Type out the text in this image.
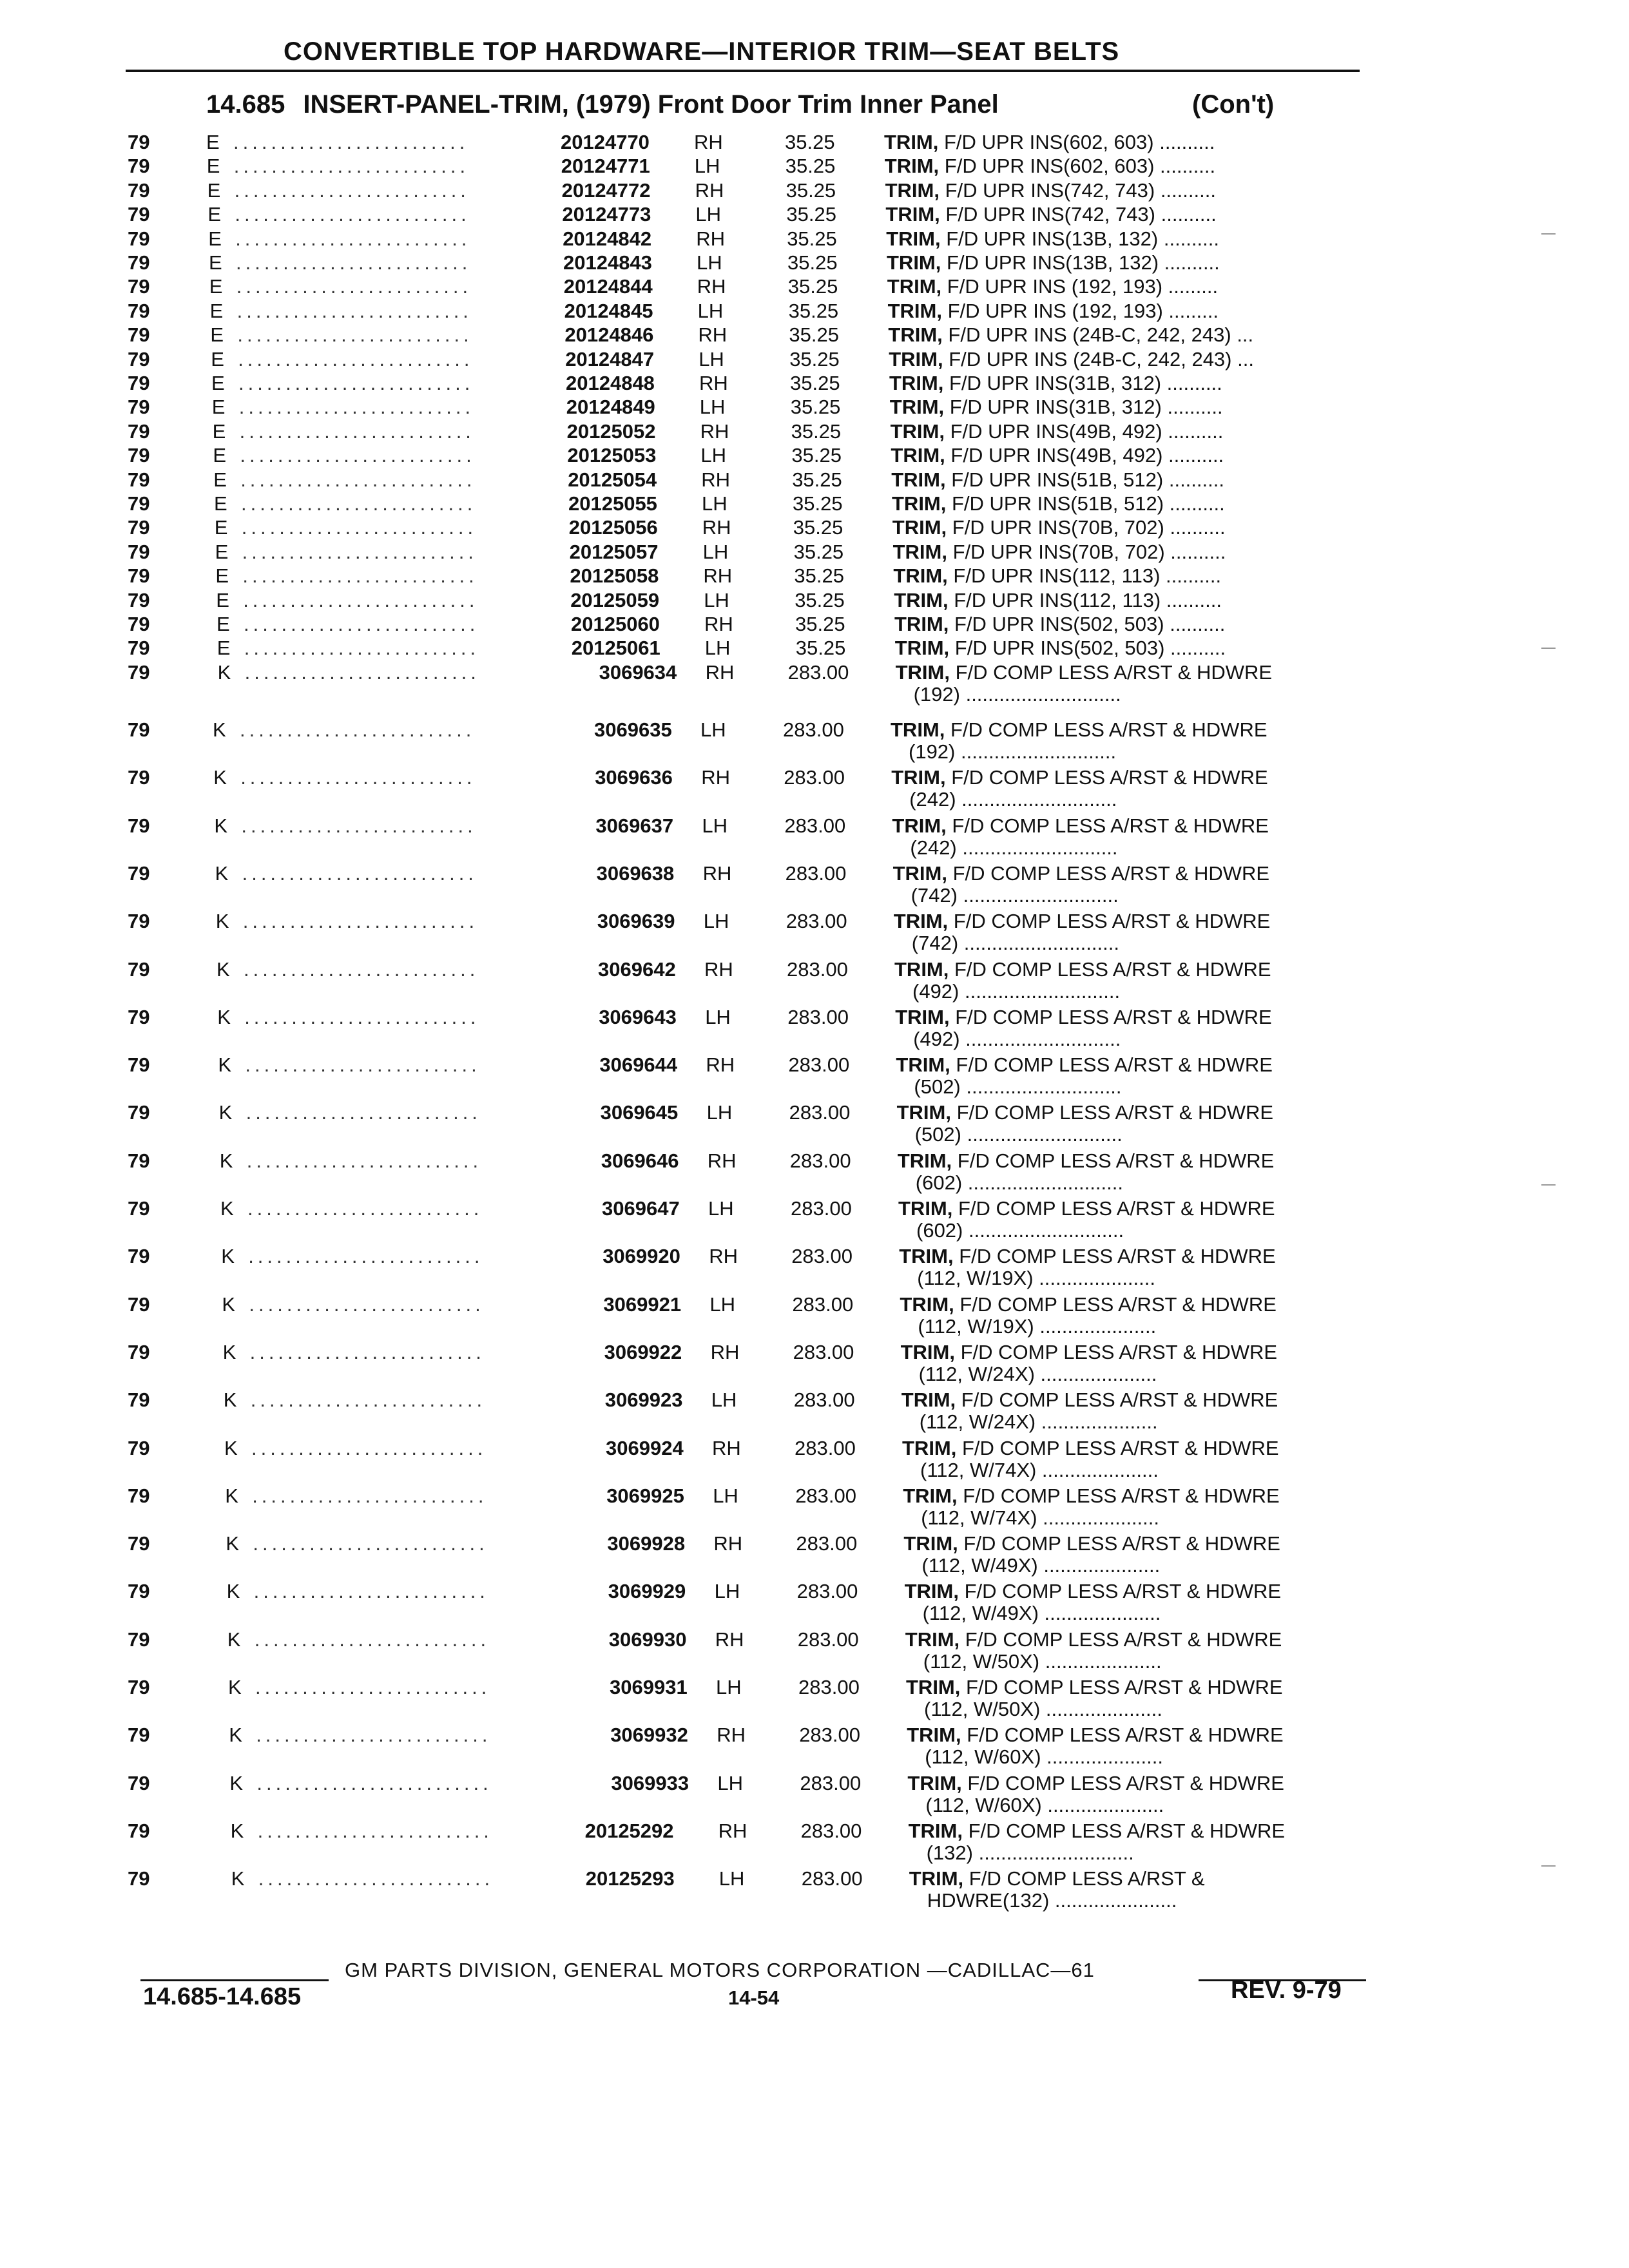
CONVERTIBLE TOP HARDWARE—INTERIOR TRIM—SEAT BELTS
14.685 INSERT-PANEL-TRIM, (1979) Front Door Trim Inner Panel	(Con't)
79	E .........................	20124770 RH	35.25 TRIM, F/D UPR INS(602, 603) ..........
79	E .........................	20124771 LH	35.25 TRIM, F/D UPR INS(602, 603) ..........
79	E .........................	20124772 RH	35.25 TRIM, F/D UPR INS(742, 743) ..........
79	E .........................	20124773 LH	35.25 TRIM, F/D UPR INS(742, 743) ..........
79	E .........................	20124842 RH	35.25 TRIM, F/D UPR INS(13B, 132) ..........
79	E .........................	20124843 LH	35.25 TRIM, F/D UPR INS(13B, 132) ..........
79	E .........................	20124844 RH	35.25 TRIM, F/D UPR INS (192, 193) .........
79	E .........................	20124845 LH	35.25 TRIM, F/D UPR INS (192, 193) .........
79	E .........................	20124846 RH	35.25 TRIM, F/D UPR INS (24B-C, 242, 243) ...
79	E .........................	20124847 LH	35.25 TRIM, F/D UPR INS (24B-C, 242, 243) ...
79	E .........................	20124848 RH	35.25 TRIM, F/D UPR INS(31B, 312) ..........
79	E .........................	20124849 LH	35.25 TRIM, F/D UPR INS(31B, 312) ..........
79	E .........................	20125052 RH	35.25 TRIM, F/D UPR INS(49B, 492) ..........
79	E .........................	20125053 LH	35.25 TRIM, F/D UPR INS(49B, 492) ..........
79	E .........................	20125054 RH	35.25 TRIM, F/D UPR INS(51B, 512) ..........
79	E .........................	20125055 LH	35.25 TRIM, F/D UPR INS(51B, 512) ..........
79	E .........................	20125056 RH	35.25 TRIM, F/D UPR INS(70B, 702) ..........
79	E .........................	20125057 LH	35.25 TRIM, F/D UPR INS(70B, 702) ..........
79	E .........................	20125058 RH	35.25 TRIM, F/D UPR INS(112, 113) ..........
79	E .........................	20125059 LH	35.25 TRIM, F/D UPR INS(112, 113) ..........
79	E .........................	20125060 RH	35.25 TRIM, F/D UPR INS(502, 503) ..........
79	E .........................	20125061 LH	35.25 TRIM, F/D UPR INS(502, 503) ..........
79	K .........................	3069634 RH	283.00 TRIM, F/D COMP LESS A/RST & HDWRE
(192) ............................
79	K .........................	3069635 LH	283.00 TRIM, F/D COMP LESS A/RST & HDWRE
(192) ............................
79	K .........................	3069636 RH	283.00 TRIM, F/D COMP LESS A/RST & HDWRE
(242) ............................
79	K .........................	3069637 LH	283.00 TRIM, F/D COMP LESS A/RST & HDWRE
(242) ............................
79	K .........................	3069638 RH	283.00 TRIM, F/D COMP LESS A/RST & HDWRE
(742) ............................
79	K .........................	3069639 LH	283.00 TRIM, F/D COMP LESS A/RST & HDWRE
(742) ............................
79	K .........................	3069642 RH	283.00 TRIM, F/D COMP LESS A/RST & HDWRE
(492) ............................
79	K .........................	3069643 LH	283.00 TRIM, F/D COMP LESS A/RST & HDWRE
(492) ............................
79	K .........................	3069644 RH	283.00 TRIM, F/D COMP LESS A/RST & HDWRE
(502) ............................
79	K .........................	3069645 LH	283.00 TRIM, F/D COMP LESS A/RST & HDWRE
(502) ............................
79	K .........................	3069646 RH	283.00 TRIM, F/D COMP LESS A/RST & HDWRE
(602) ............................
79	K .........................	3069647 LH	283.00 TRIM, F/D COMP LESS A/RST & HDWRE
(602) ............................
79	K .........................	3069920 RH	283.00 TRIM, F/D COMP LESS A/RST & HDWRE
(112, W/19X) .....................
79	K .........................	3069921 LH	283.00 TRIM, F/D COMP LESS A/RST & HDWRE
(112, W/19X) .....................
79	K .........................	3069922 RH	283.00 TRIM, F/D COMP LESS A/RST & HDWRE
(112, W/24X) .....................
79	K .........................	3069923 LH	283.00 TRIM, F/D COMP LESS A/RST & HDWRE
(112, W/24X) .....................
79	K .........................	3069924 RH	283.00 TRIM, F/D COMP LESS A/RST & HDWRE
(112, W/74X) .....................
79	K .........................	3069925 LH	283.00 TRIM, F/D COMP LESS A/RST & HDWRE
(112, W/74X) .....................
79	K .........................	3069928 RH	283.00 TRIM, F/D COMP LESS A/RST & HDWRE
(112, W/49X) .....................
79	K .........................	3069929 LH	283.00 TRIM, F/D COMP LESS A/RST & HDWRE
(112, W/49X) .....................
79	K .........................	3069930 RH	283.00 TRIM, F/D COMP LESS A/RST & HDWRE
(112, W/50X) .....................
79	K .........................	3069931 LH	283.00 TRIM, F/D COMP LESS A/RST & HDWRE
(112, W/50X) .....................
79	K .........................	3069932 RH	283.00 TRIM, F/D COMP LESS A/RST & HDWRE
(112, W/60X) .....................
79	K .........................	3069933 LH	283.00 TRIM, F/D COMP LESS A/RST & HDWRE
(112, W/60X) .....................
79	K .........................	20125292 RH	283.00 TRIM, F/D COMP LESS A/RST & HDWRE
(132) ............................
79	K .........................	20125293 LH	283.00 TRIM, F/D COMP LESS A/RST &
HDWRE(132) ......................
GM PARTS DIVISION, GENERAL MOTORS CORPORATION —CADILLAC—61
14.685-14.685	14-54	REV. 9-79
